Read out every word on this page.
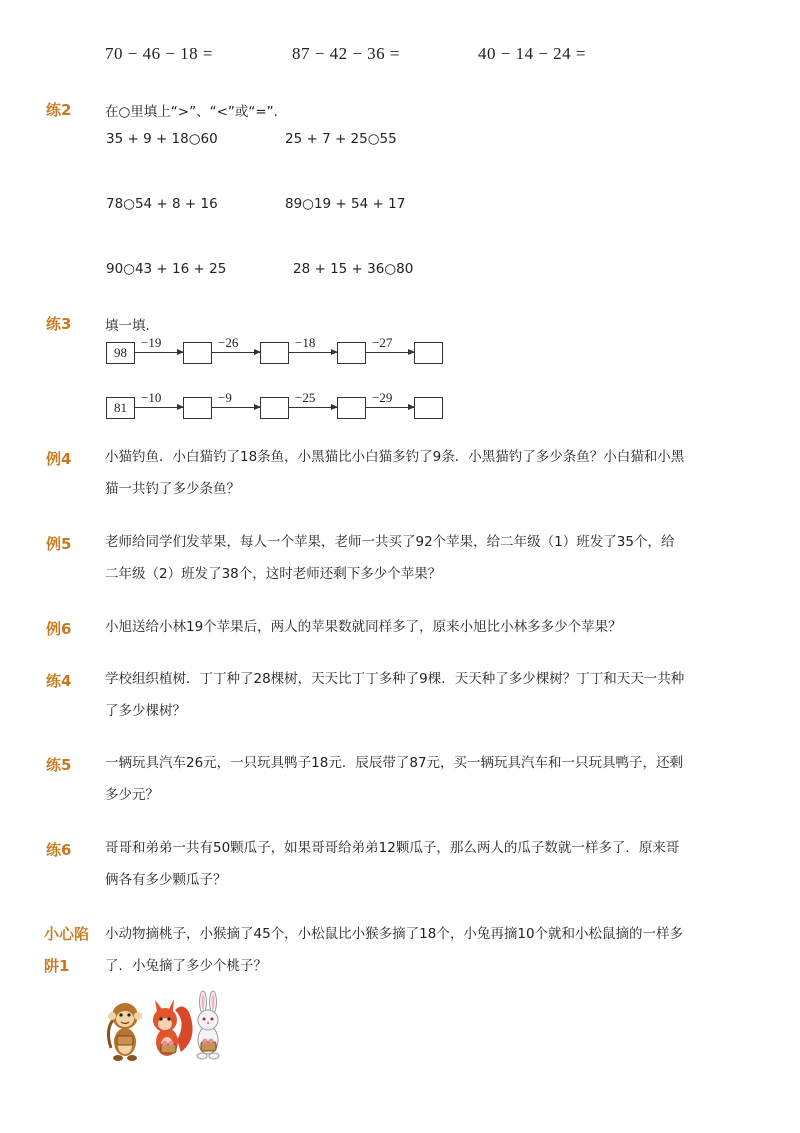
70 − 46 − 18 =	87 − 42 − 36 =	40 − 14 − 24 =
练2 在○里填上“>”、“<”或“=”.
35 + 9 + 18○60	25 + 7 + 25○55
78○54 + 8 + 16	89○19 + 54 + 17
90○43 + 16 + 25	28 + 15 + 36○80
练3 填一填.
98
−19	−26	−18	−27
81
−10	−9	−25	−29
例4 小猫钓鱼．小白猫钓了18条鱼，小黑猫比小白猫多钓了9条．小黑猫钓了多少条鱼？小白猫和小黑
猫一共钓了多少条鱼？
例5 老师给同学们发苹果，每人一个苹果，老师一共买了92个苹果，给二年级（1）班发了35个，给
二年级（2）班发了38个，这时老师还剩下多少个苹果？
例6 小旭送给小林19个苹果后，两人的苹果数就同样多了，原来小旭比小林多多少个苹果？
练4 学校组织植树．丁丁种了28棵树，天天比丁丁多种了9棵．天天种了多少棵树？丁丁和天天一共种
了多少棵树？
练5 一辆玩具汽车26元，一只玩具鸭子18元．辰辰带了87元，买一辆玩具汽车和一只玩具鸭子，还剩
多少元？
练6 哥哥和弟弟一共有50颗瓜子，如果哥哥给弟弟12颗瓜子，那么两人的瓜子数就一样多了．原来哥
俩各有多少颗瓜子？
小心陷
阱1
小动物摘桃子，小猴摘了45个，小松鼠比小猴多摘了18个，小兔再摘10个就和小松鼠摘的一样多
了．小兔摘了多少个桃子？
